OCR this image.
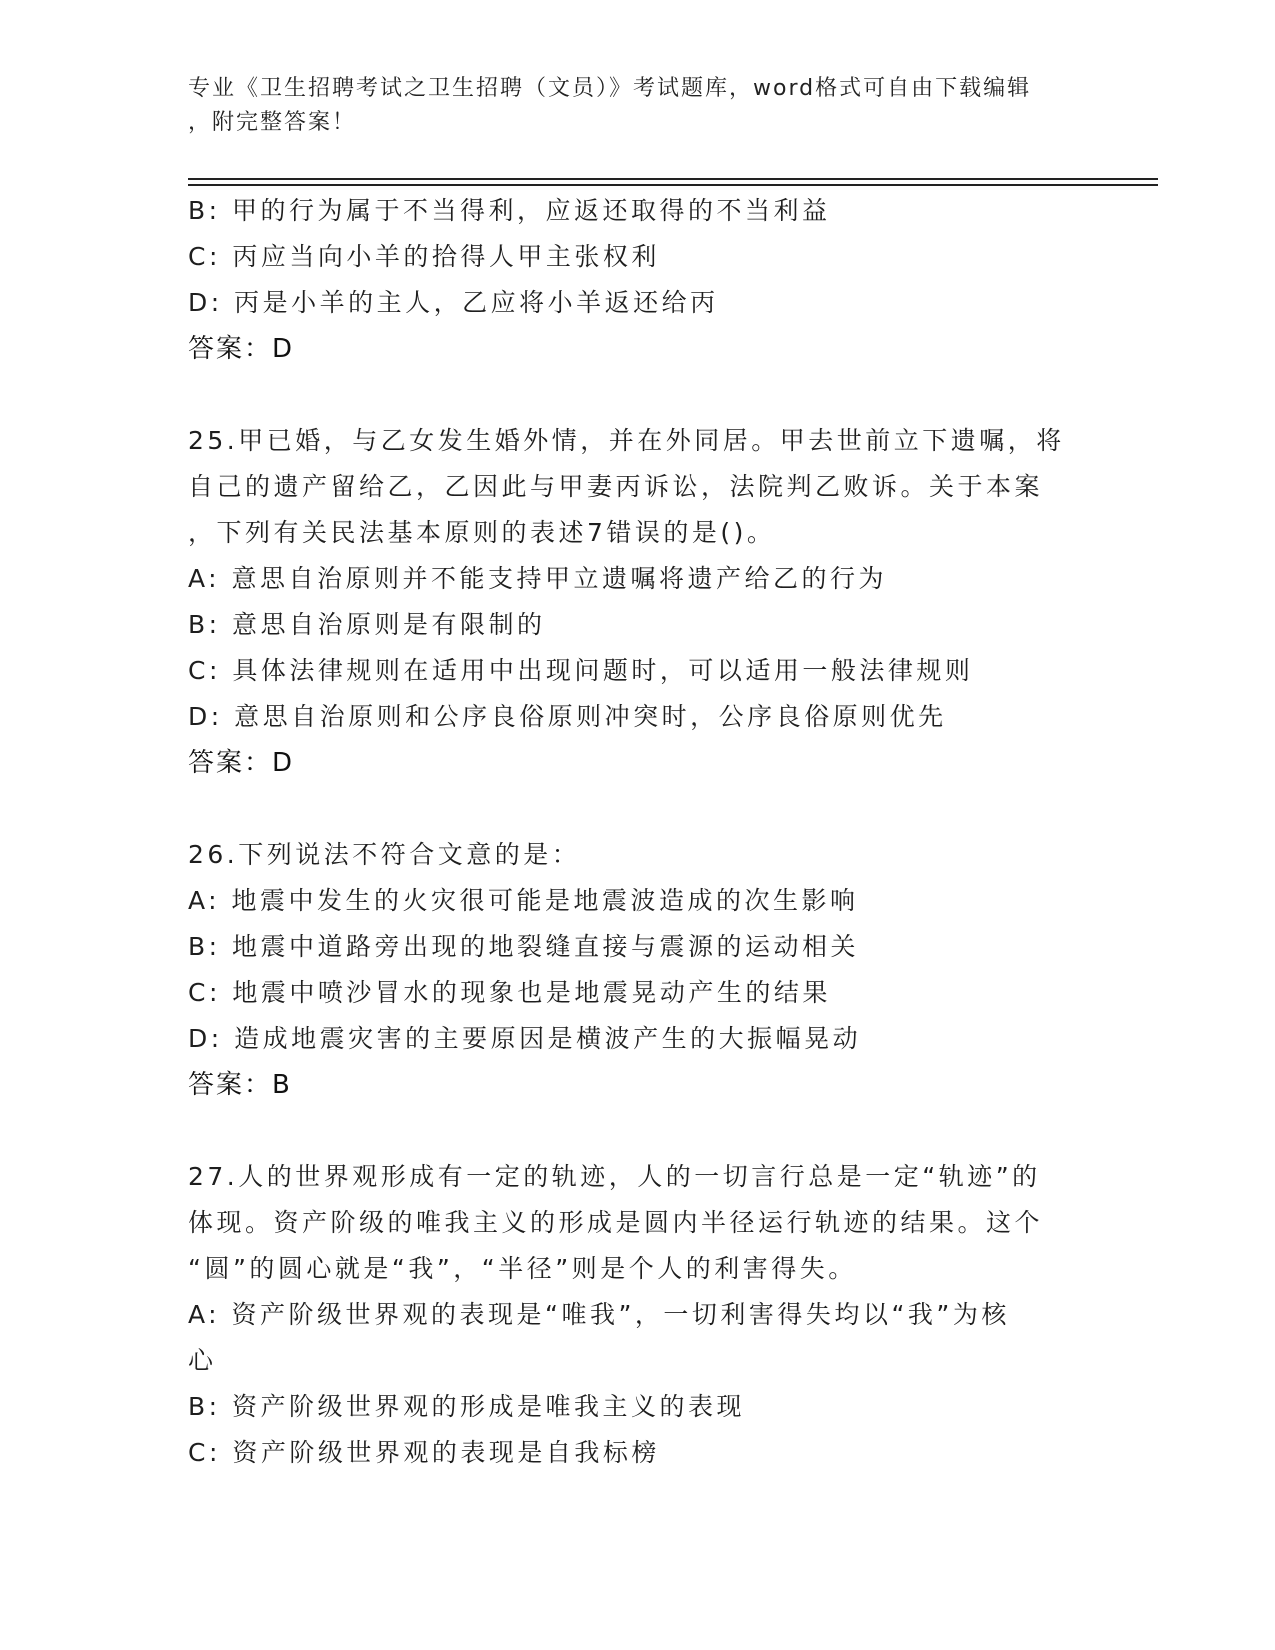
专业《卫生招聘考试之卫生招聘（文员）》考试题库，word格式可自由下载编辑
，附完整答案！
B: 甲的行为属于不当得利，应返还取得的不当利益
C: 丙应当向小羊的拾得人甲主张权利
D: 丙是小羊的主人，乙应将小羊返还给丙
答案：D
25.甲已婚，与乙女发生婚外情，并在外同居。甲去世前立下遗嘱，将
自己的遗产留给乙，乙因此与甲妻丙诉讼，法院判乙败诉。关于本案
，下列有关民法基本原则的表述7错误的是()。
A: 意思自治原则并不能支持甲立遗嘱将遗产给乙的行为
B: 意思自治原则是有限制的
C: 具体法律规则在适用中出现问题时，可以适用一般法律规则
D: 意思自治原则和公序良俗原则冲突时，公序良俗原则优先
答案：D
26.下列说法不符合文意的是：
A: 地震中发生的火灾很可能是地震波造成的次生影响
B: 地震中道路旁出现的地裂缝直接与震源的运动相关
C: 地震中喷沙冒水的现象也是地震晃动产生的结果
D: 造成地震灾害的主要原因是横波产生的大振幅晃动
答案：B
27.人的世界观形成有一定的轨迹，人的一切言行总是一定“轨迹”的
体现。资产阶级的唯我主义的形成是圆内半径运行轨迹的结果。这个
“圆”的圆心就是“我”，“半径”则是个人的利害得失。
A: 资产阶级世界观的表现是“唯我”，一切利害得失均以“我”为核
心
B: 资产阶级世界观的形成是唯我主义的表现
C: 资产阶级世界观的表现是自我标榜
